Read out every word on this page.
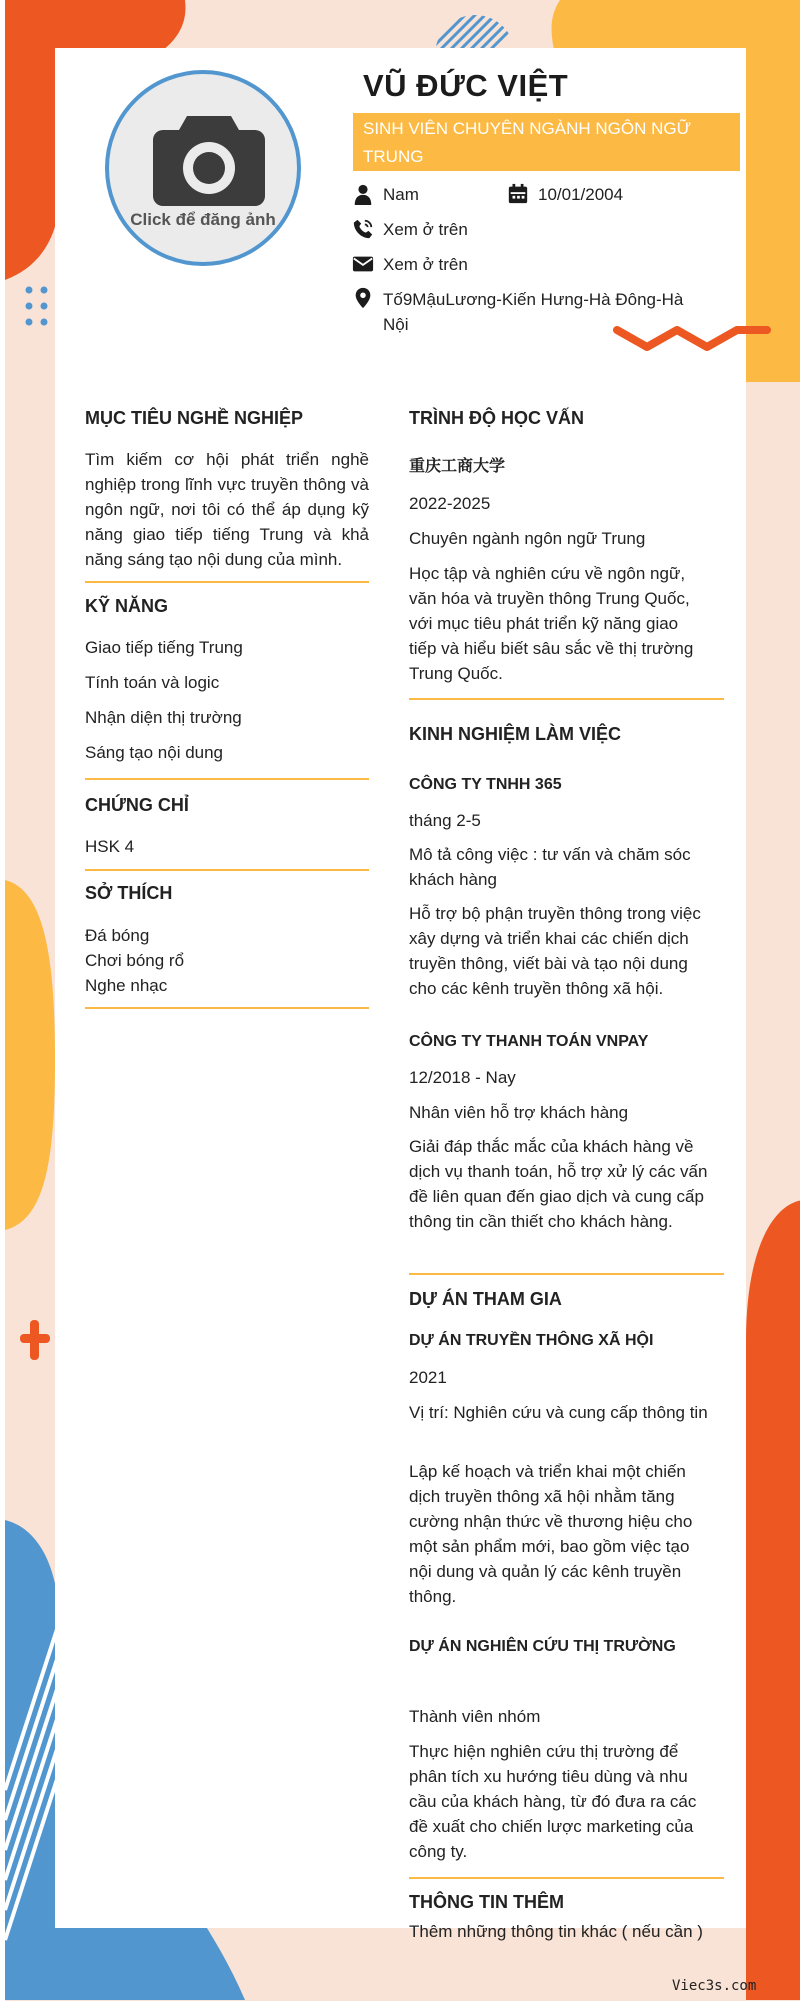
Click để đăng ảnh
VŨ ĐỨC VIỆT
SINH VIÊN CHUYÊN NGÀNH NGÔN NGỮ TRUNG
Nam	10/01/2004
Xem ở trên
Xem ở trên
Tố9MậuLương-Kiến Hưng-Hà Đông-Hà Nội
MỤC TIÊU NGHỀ NGHIỆP
Tìm kiếm cơ hội phát triển nghề nghiệp trong lĩnh vực truyền thông và ngôn ngữ, nơi tôi có thể áp dụng kỹ năng giao tiếp tiếng Trung và khả năng sáng tạo nội dung của mình.
KỸ NĂNG
Giao tiếp tiếng Trung
Tính toán và logic
Nhận diện thị trường
Sáng tạo nội dung
CHỨNG CHỈ
HSK 4
SỞ THÍCH
Đá bóng
Chơi bóng rổ
Nghe nhạc
TRÌNH ĐỘ HỌC VẤN
重庆工商大学
2022-2025
Chuyên ngành ngôn ngữ Trung
Học tập và nghiên cứu về ngôn ngữ, văn hóa và truyền thông Trung Quốc, với mục tiêu phát triển kỹ năng giao tiếp và hiểu biết sâu sắc về thị trường Trung Quốc.
KINH NGHIỆM LÀM VIỆC
CÔNG TY TNHH 365
tháng 2-5
Mô tả công việc : tư vấn và chăm sóc khách hàng
Hỗ trợ bộ phận truyền thông trong việc xây dựng và triển khai các chiến dịch truyền thông, viết bài và tạo nội dung cho các kênh truyền thông xã hội.
CÔNG TY THANH TOÁN VNPAY
12/2018 - Nay
Nhân viên hỗ trợ khách hàng
Giải đáp thắc mắc của khách hàng về dịch vụ thanh toán, hỗ trợ xử lý các vấn đề liên quan đến giao dịch và cung cấp thông tin cần thiết cho khách hàng.
DỰ ÁN THAM GIA
DỰ ÁN TRUYỀN THÔNG XÃ HỘI
2021
Vị trí: Nghiên cứu và cung cấp thông tin
Lập kế hoạch và triển khai một chiến dịch truyền thông xã hội nhằm tăng cường nhận thức về thương hiệu cho một sản phẩm mới, bao gồm việc tạo nội dung và quản lý các kênh truyền thông.
DỰ ÁN NGHIÊN CỨU THỊ TRƯỜNG
Thành viên nhóm
Thực hiện nghiên cứu thị trường để phân tích xu hướng tiêu dùng và nhu cầu của khách hàng, từ đó đưa ra các đề xuất cho chiến lược marketing của công ty.
THÔNG TIN THÊM
Thêm những thông tin khác ( nếu cần )
Viec3s.com
